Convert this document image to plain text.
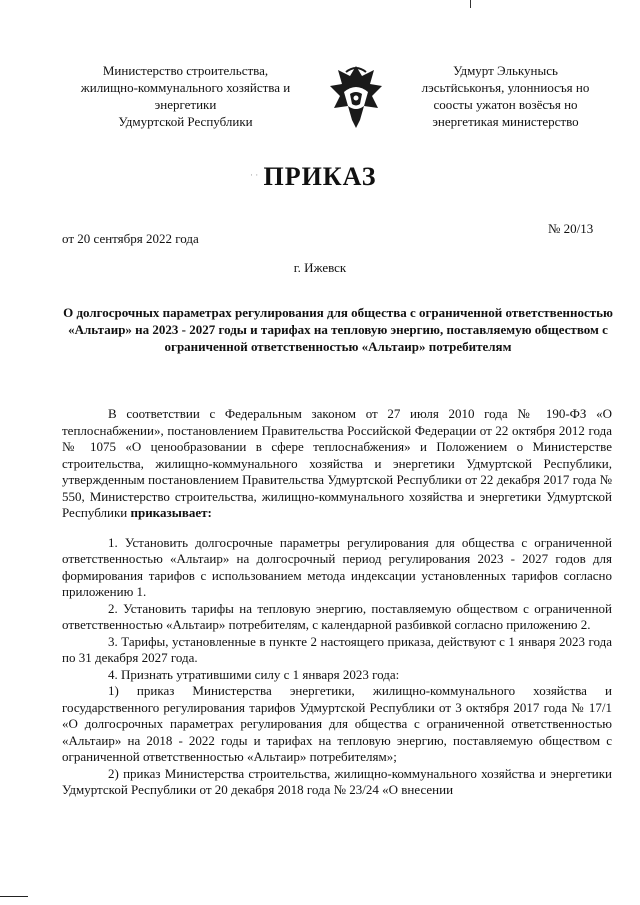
Министерство строительства,
жилищно-коммунального хозяйства и
энергетики
Удмуртской Республики
Удмурт Элькунысь
лэсьтӥськонъя, улонниосъя но
соосты ужатон возёсъя но
энергетикая министерство
· · ПРИКАЗ
от 20 сентября 2022 года
№ 20/13
г. Ижевск
О долгосрочных параметрах регулирования для общества с ограниченной ответственностью «Альтаир» на 2023 - 2027 годы и тарифах на тепловую энергию, поставляемую обществом с ограниченной ответственностью «Альтаир» потребителям

В соответствии с Федеральным законом от 27 июля 2010 года № 190-ФЗ «О теплоснабжении», постановлением Правительства Российской Федерации от 22 октября 2012 года № 1075 «О ценообразовании в сфере теплоснабжения» и Положением о Министерстве строительства, жилищно-коммунального хозяйства и энергетики Удмуртской Республики, утвержденным постановлением Правительства Удмуртской Республики от 22 декабря 2017 года № 550, Министерство строительства, жилищно-коммунального хозяйства и энергетики Удмуртской Республики приказывает:

1. Установить долгосрочные параметры регулирования для общества с ограниченной ответственностью «Альтаир» на долгосрочный период регулирования 2023 - 2027 годов для формирования тарифов с использованием метода индексации установленных тарифов согласно приложению 1.

2. Установить тарифы на тепловую энергию, поставляемую обществом с ограниченной ответственностью «Альтаир» потребителям, с календарной разбивкой согласно приложению 2.

3. Тарифы, установленные в пункте 2 настоящего приказа, действуют с 1 января 2023 года по 31 декабря 2027 года.

4. Признать утратившими силу с 1 января 2023 года:

1) приказ Министерства энергетики, жилищно-коммунального хозяйства и государственного регулирования тарифов Удмуртской Республики от 3 октября 2017 года № 17/1 «О долгосрочных параметрах регулирования для общества с ограниченной ответственностью «Альтаир» на 2018 - 2022 годы и тарифах на тепловую энергию, поставляемую обществом с ограниченной ответственностью «Альтаир» потребителям»;

2) приказ Министерства строительства, жилищно-коммунального хозяйства и энергетики Удмуртской Республики от 20 декабря 2018 года № 23/24 «О внесении
